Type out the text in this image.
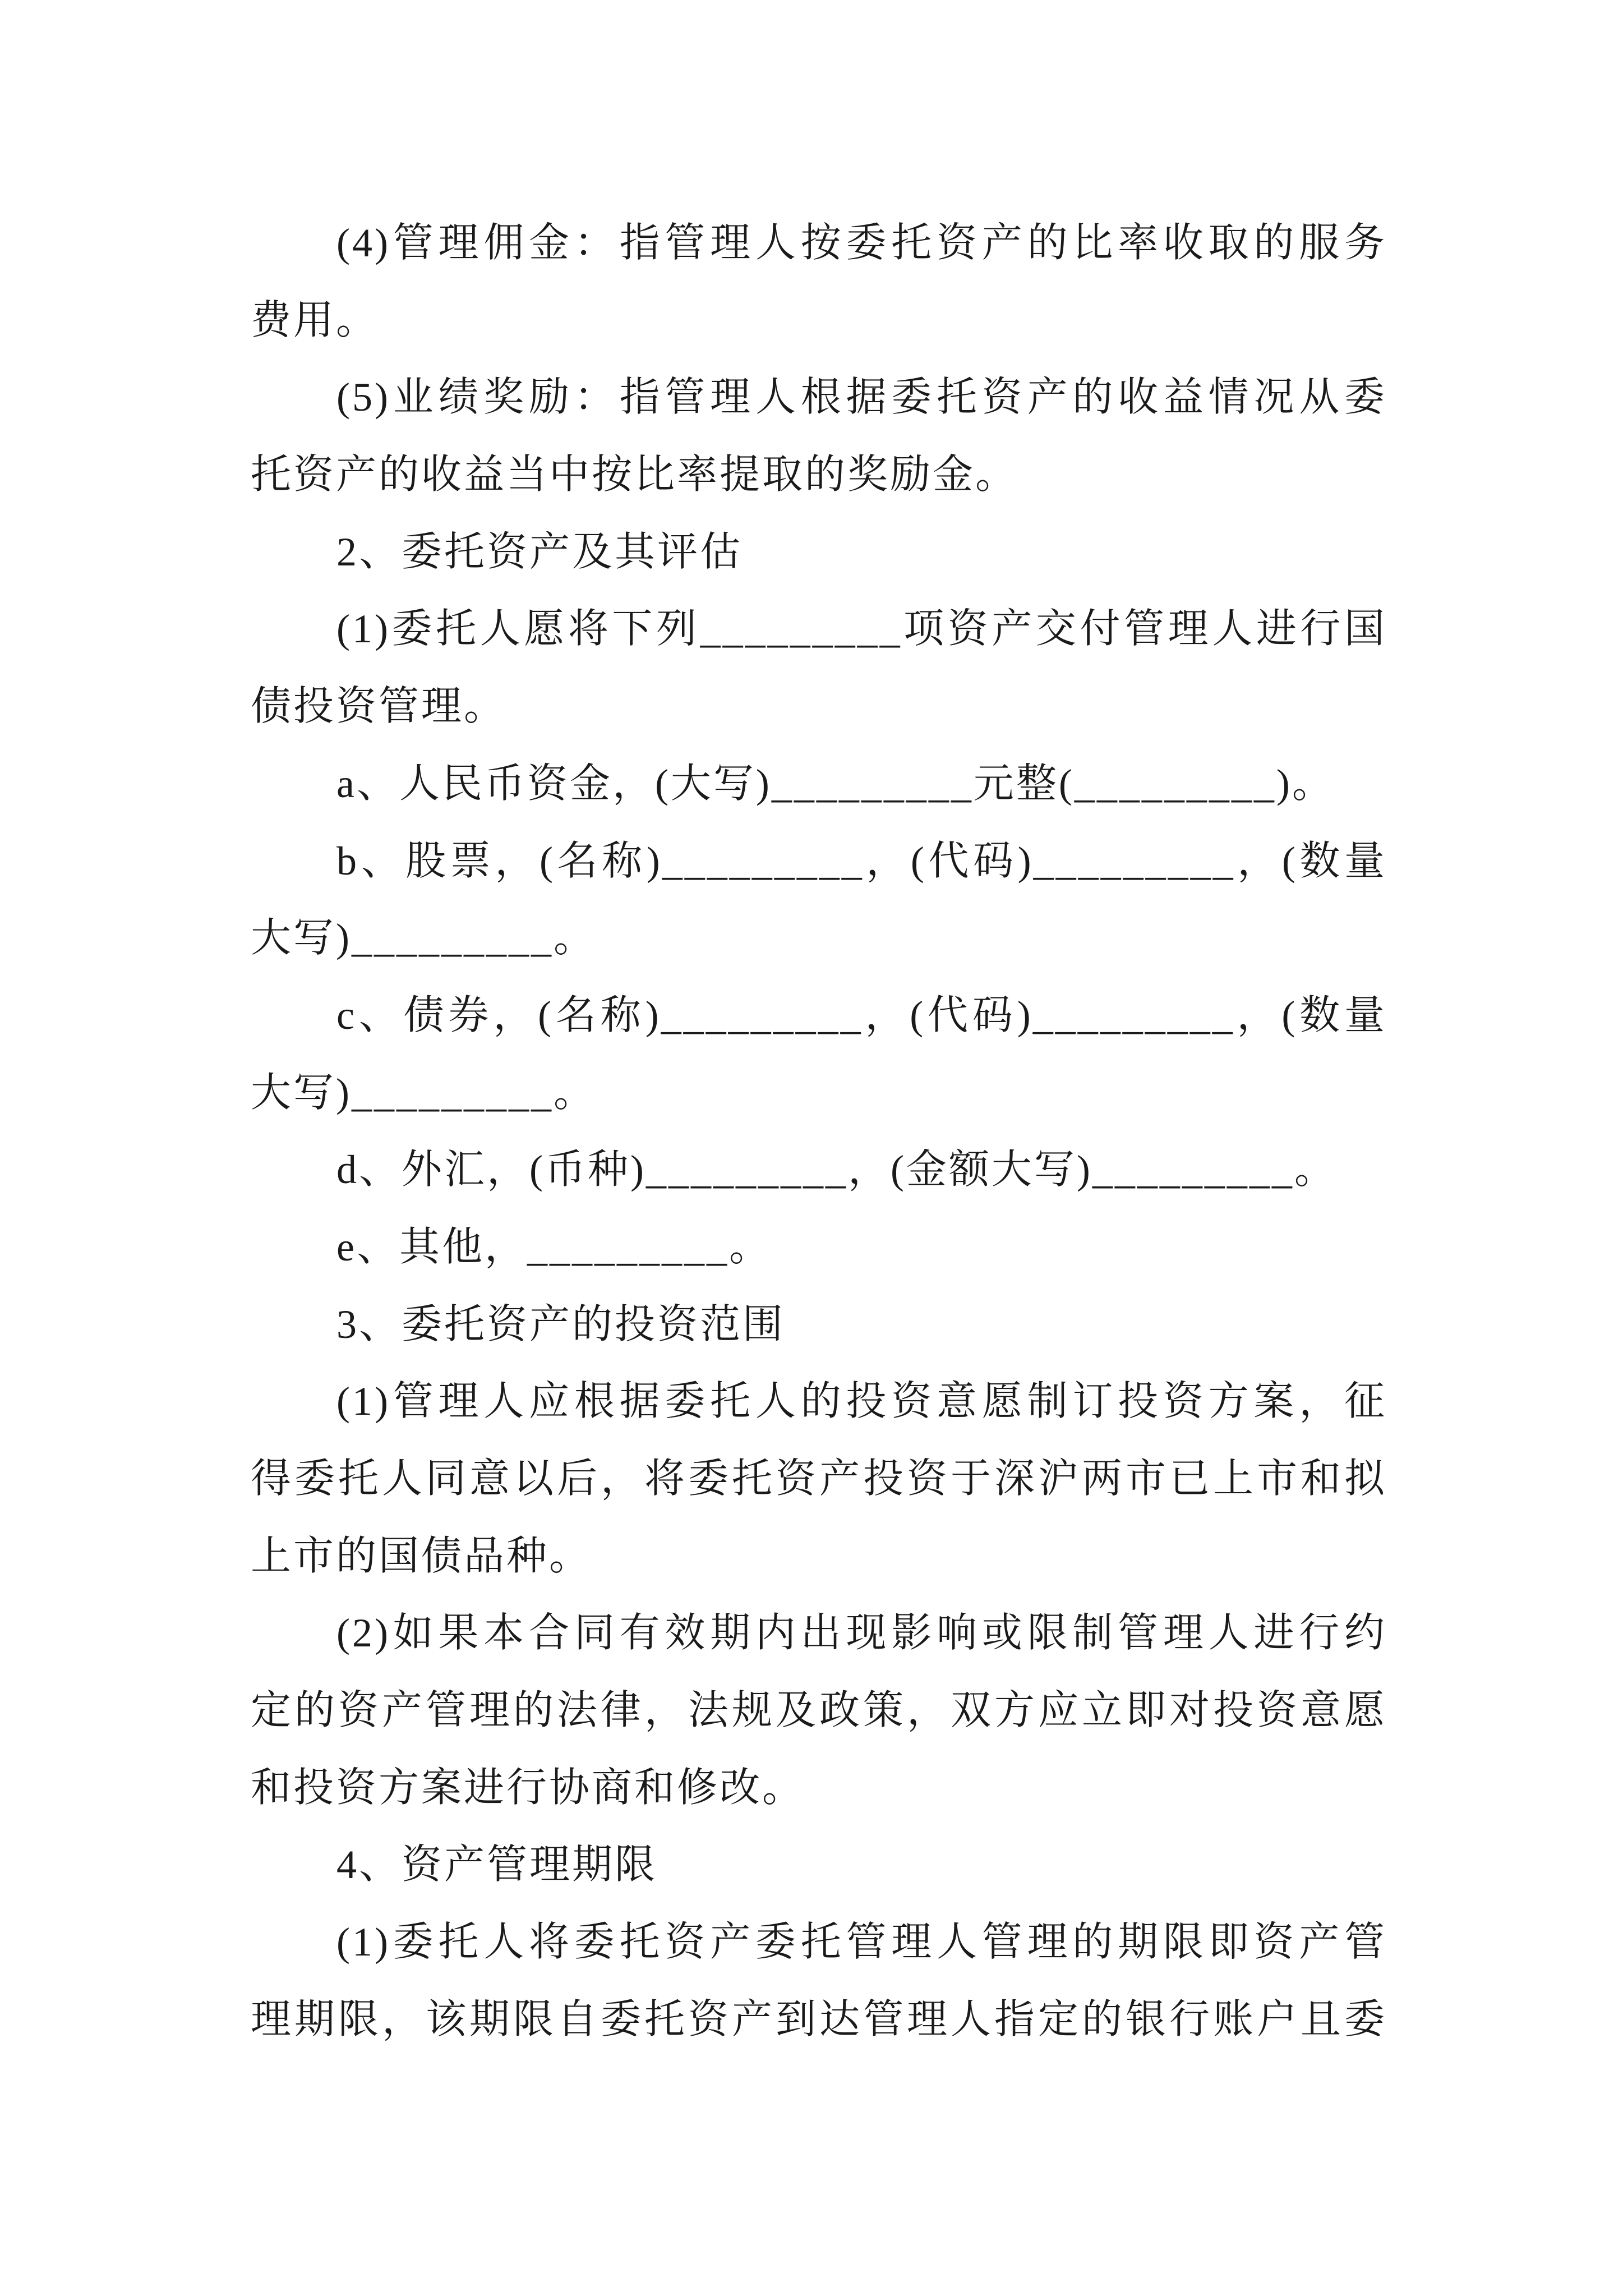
(4)管理佣金：指管理人按委托资产的比率收取的服务
费用。
(5)业绩奖励：指管理人根据委托资产的收益情况从委
托资产的收益当中按比率提取的奖励金。
2、委托资产及其评估
(1)委托人愿将下列_________项资产交付管理人进行国
债投资管理。
a、人民币资金，(大写)_________元整(_________)。
b、股票，(名称)_________，(代码)_________，(数量
大写)_________。
c、债券，(名称)_________，(代码)_________，(数量
大写)_________。
d、外汇，(币种)_________，(金额大写)_________。
e、其他，_________。
3、委托资产的投资范围
(1)管理人应根据委托人的投资意愿制订投资方案，征
得委托人同意以后，将委托资产投资于深沪两市已上市和拟
上市的国债品种。
(2)如果本合同有效期内出现影响或限制管理人进行约
定的资产管理的法律，法规及政策，双方应立即对投资意愿
和投资方案进行协商和修改。
4、资产管理期限
(1)委托人将委托资产委托管理人管理的期限即资产管
理期限，该期限自委托资产到达管理人指定的银行账户且委
